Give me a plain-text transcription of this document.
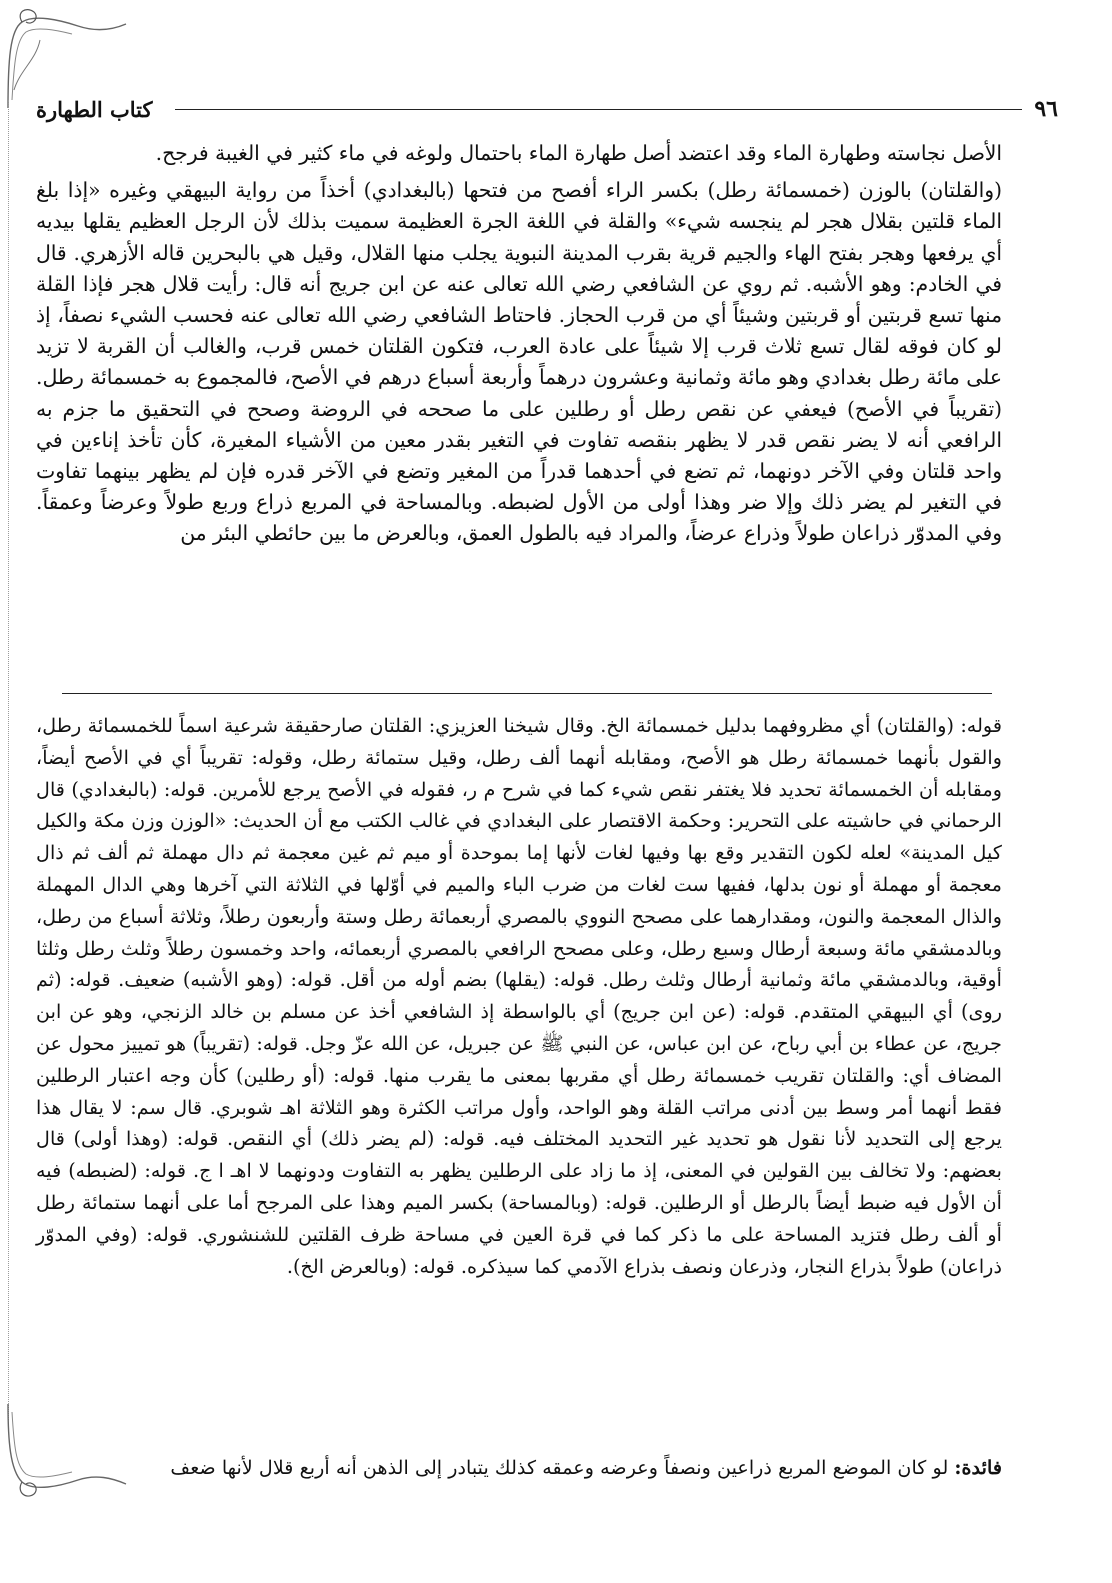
٩٦
كتاب الطهارة

الأصل نجاسته وطهارة الماء وقد اعتضد أصل طهارة الماء باحتمال ولوغه في ماء كثير في الغيبة فرجح.

(والقلتان) بالوزن (خمسمائة رطل) بكسر الراء أفصح من فتحها (بالبغدادي) أخذاً من رواية البيهقي وغيره «إذا بلغ الماء قلتين بقلال هجر لم ينجسه شيء» والقلة في اللغة الجرة العظيمة سميت بذلك لأن الرجل العظيم يقلها بيديه أي يرفعها وهجر بفتح الهاء والجيم قرية بقرب المدينة النبوية يجلب منها القلال، وقيل هي بالبحرين قاله الأزهري. قال في الخادم: وهو الأشبه. ثم روي عن الشافعي رضي الله تعالى عنه عن ابن جريج أنه قال: رأيت قلال هجر فإذا القلة منها تسع قربتين أو قربتين وشيئاً أي من قرب الحجاز. فاحتاط الشافعي رضي الله تعالى عنه فحسب الشيء نصفاً، إذ لو كان فوقه لقال تسع ثلاث قرب إلا شيئاً على عادة العرب، فتكون القلتان خمس قرب، والغالب أن القربة لا تزيد على مائة رطل بغدادي وهو مائة وثمانية وعشرون درهماً وأربعة أسباع درهم في الأصح، فالمجموع به خمسمائة رطل. (تقريباً في الأصح) فيعفي عن نقص رطل أو رطلين على ما صححه في الروضة وصحح في التحقيق ما جزم به الرافعي أنه لا يضر نقص قدر لا يظهر بنقصه تفاوت في التغير بقدر معين من الأشياء المغيرة، كأن تأخذ إناءين في واحد قلتان وفي الآخر دونهما، ثم تضع في أحدهما قدراً من المغير وتضع في الآخر قدره فإن لم يظهر بينهما تفاوت في التغير لم يضر ذلك وإلا ضر وهذا أولى من الأول لضبطه. وبالمساحة في المربع ذراع وربع طولاً وعرضاً وعمقاً. وفي المدوّر ذراعان طولاً وذراع عرضاً، والمراد فيه بالطول العمق، وبالعرض ما بين حائطي البئر من

قوله: (والقلتان) أي مظروفهما بدليل خمسمائة الخ. وقال شيخنا العزيزي: القلتان صارحقيقة شرعية اسماً للخمسمائة رطل، والقول بأنهما خمسمائة رطل هو الأصح، ومقابله أنهما ألف رطل، وقيل ستمائة رطل، وقوله: تقريباً أي في الأصح أيضاً، ومقابله أن الخمسمائة تحديد فلا يغتفر نقص شيء كما في شرح م ر، فقوله في الأصح يرجع للأمرين. قوله: (بالبغدادي) قال الرحماني في حاشيته على التحرير: وحكمة الاقتصار على البغدادي في غالب الكتب مع أن الحديث: «الوزن وزن مكة والكيل كيل المدينة» لعله لكون التقدير وقع بها وفيها لغات لأنها إما بموحدة أو ميم ثم غين معجمة ثم دال مهملة ثم ألف ثم ذال معجمة أو مهملة أو نون بدلها، ففيها ست لغات من ضرب الباء والميم في أوّلها في الثلاثة التي آخرها وهي الدال المهملة والذال المعجمة والنون، ومقدارهما على مصحح النووي بالمصري أربعمائة رطل وستة وأربعون رطلاً، وثلاثة أسباع من رطل، وبالدمشقي مائة وسبعة أرطال وسبع رطل، وعلى مصحح الرافعي بالمصري أربعمائه، واحد وخمسون رطلاً وثلث رطل وثلثا أوقية، وبالدمشقي مائة وثمانية أرطال وثلث رطل. قوله: (يقلها) بضم أوله من أقل. قوله: (وهو الأشبه) ضعيف. قوله: (ثم روى) أي البيهقي المتقدم. قوله: (عن ابن جريج) أي بالواسطة إذ الشافعي أخذ عن مسلم بن خالد الزنجي، وهو عن ابن جريج، عن عطاء بن أبي رباح، عن ابن عباس، عن النبي ﷺ عن جبريل، عن الله عزّ وجل. قوله: (تقريباً) هو تمييز محول عن المضاف أي: والقلتان تقريب خمسمائة رطل أي مقربها بمعنى ما يقرب منها. قوله: (أو رطلين) كأن وجه اعتبار الرطلين فقط أنهما أمر وسط بين أدنى مراتب القلة وهو الواحد، وأول مراتب الكثرة وهو الثلاثة اهـ شوبري. قال سم: لا يقال هذا يرجع إلى التحديد لأنا نقول هو تحديد غير التحديد المختلف فيه. قوله: (لم يضر ذلك) أي النقص. قوله: (وهذا أولى) قال بعضهم: ولا تخالف بين القولين في المعنى، إذ ما زاد على الرطلين يظهر به التفاوت ودونهما لا اهـ ا ج. قوله: (لضبطه) فيه أن الأول فيه ضبط أيضاً بالرطل أو الرطلين. قوله: (وبالمساحة) بكسر الميم وهذا على المرجح أما على أنهما ستمائة رطل أو ألف رطل فتزيد المساحة على ما ذكر كما في قرة العين في مساحة ظرف القلتين للشنشوري. قوله: (وفي المدوّر ذراعان) طولاً بذراع النجار، وذرعان ونصف بذراع الآدمي كما سيذكره. قوله: (وبالعرض الخ).

فائدة: لو كان الموضع المربع ذراعين ونصفاً وعرضه وعمقه كذلك يتبادر إلى الذهن أنه أربع قلال لأنها ضعف
